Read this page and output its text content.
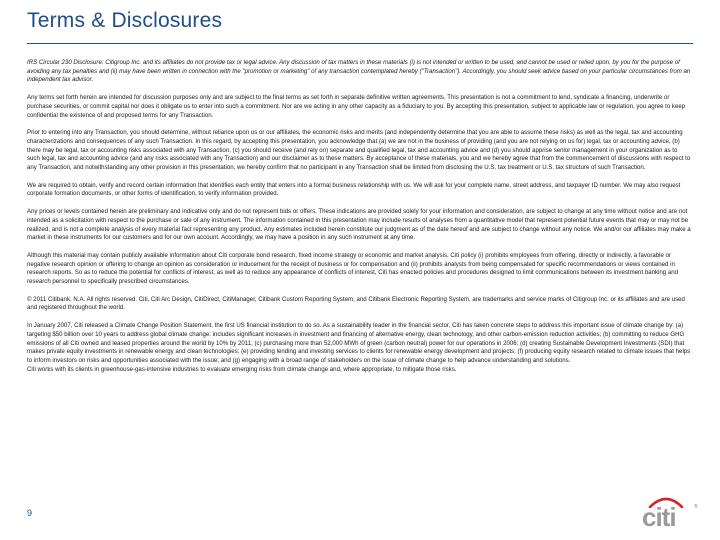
Terms & Disclosures

IRS Circular 230 Disclosure: Citigroup Inc. and its affiliates do not provide tax or legal advice. Any discussion of tax matters in these materials (i) is not intended or written to be used, and cannot be used or relied upon, by you for the purpose of avoiding any tax penalties and (ii) may have been written in connection with the "promotion or marketing" of any transaction contemplated hereby ("Transaction"). Accordingly, you should seek advice based on your particular circumstances from an independent tax advisor.

Any terms set forth herein are intended for discussion purposes only and are subject to the final terms as set forth in separate definitive written agreements. This presentation is not a commitment to lend, syndicate a financing, underwrite or purchase securities, or commit capital nor does it obligate us to enter into such a commitment. Nor are we acting in any other capacity as a fiduciary to you. By accepting this presentation, subject to applicable law or regulation, you agree to keep confidential the existence of and proposed terms for any Transaction.

Prior to entering into any Transaction, you should determine, without reliance upon us or our affiliates, the economic risks and merits (and independently determine that you are able to assume these risks) as well as the legal, tax and accounting characterizations and consequences of any such Transaction. In this regard, by accepting this presentation, you acknowledge that (a) we are not in the business of providing (and you are not relying on us for) legal, tax or accounting advice, (b) there may be legal, tax or accounting risks associated with any Transaction, (c) you should receive (and rely on) separate and qualified legal, tax and accounting advice and (d) you should apprise senior management in your organization as to such legal, tax and accounting advice (and any risks associated with any Transaction) and our disclaimer as to these matters. By acceptance of these materials, you and we hereby agree that from the commencement of discussions with respect to any Transaction, and notwithstanding any other provision in this presentation, we hereby confirm that no participant in any Transaction shall be limited from disclosing the U.S. tax treatment or U.S. tax structure of such Transaction.

We are required to obtain, verify and record certain information that identifies each entity that enters into a formal business relationship with us. We will ask for your complete name, street address, and taxpayer ID number. We may also request corporate formation documents, or other forms of identification, to verify information provided.

Any prices or levels contained herein are preliminary and indicative only and do not represent bids or offers. These indications are provided solely for your information and consideration, are subject to change at any time without notice and are not intended as a solicitation with respect to the purchase or sale of any instrument. The information contained in this presentation may include results of analyses from a quantitative model that represent potential future events that may or may not be realized, and is not a complete analysis of every material fact representing any product. Any estimates included herein constitute our judgment as of the date hereof and are subject to change without any notice. We and/or our affiliates may make a market in these instruments for our customers and for our own account. Accordingly, we may have a position in any such instrument at any time.

Although this material may contain publicly available information about Citi corporate bond research, fixed income strategy or economic and market analysis, Citi policy (i) prohibits employees from offering, directly or indirectly, a favorable or negative research opinion or offering to change an opinion as consideration or inducement for the receipt of business or for compensation and (ii) prohibits analysts from being compensated for specific recommendations or views contained in research reports. So as to reduce the potential for conflicts of interest, as well as to reduce any appearance of conflicts of interest, Citi has enacted policies and procedures designed to limit communications between its investment banking and research personnel to specifically prescribed circumstances.

© 2011 Citibank, N.A. All rights reserved. Citi, Citi Arc Design, CitiDirect, CitiManager, Citibank Custom Reporting System, and Citibank Electronic Reporting System, are trademarks and service marks of Citigroup Inc. or its affiliates and are used and registered throughout the world.

In January 2007, Citi released a Climate Change Position Statement, the first US financial institution to do so. As a sustainability leader in the financial sector, Citi has taken concrete steps to address this important issue of climate change by: (a) targeting $50 billion over 10 years to address global climate change: includes significant increases in investment and financing of alternative energy, clean technology, and other carbon-emission reduction activities; (b) committing to reduce GHG emissions of all Citi owned and leased properties around the world by 10% by 2011; (c) purchasing more than 52,000 MWh of green (carbon neutral) power for our operations in 2006; (d) creating Sustainable Development Investments (SDI) that makes private equity investments in renewable energy and clean technologies; (e) providing lending and investing services to clients for renewable energy development and projects; (f) producing equity research related to climate issues that helps to inform investors on risks and opportunities associated with the issue; and (g) engaging with a broad range of stakeholders on the issue of climate change to help advance understanding and solutions.

Citi works with its clients in greenhouse-gas-intensive industries to evaluate emerging risks from climate change and, where appropriate, to mitigate those risks.

9	citi	®
